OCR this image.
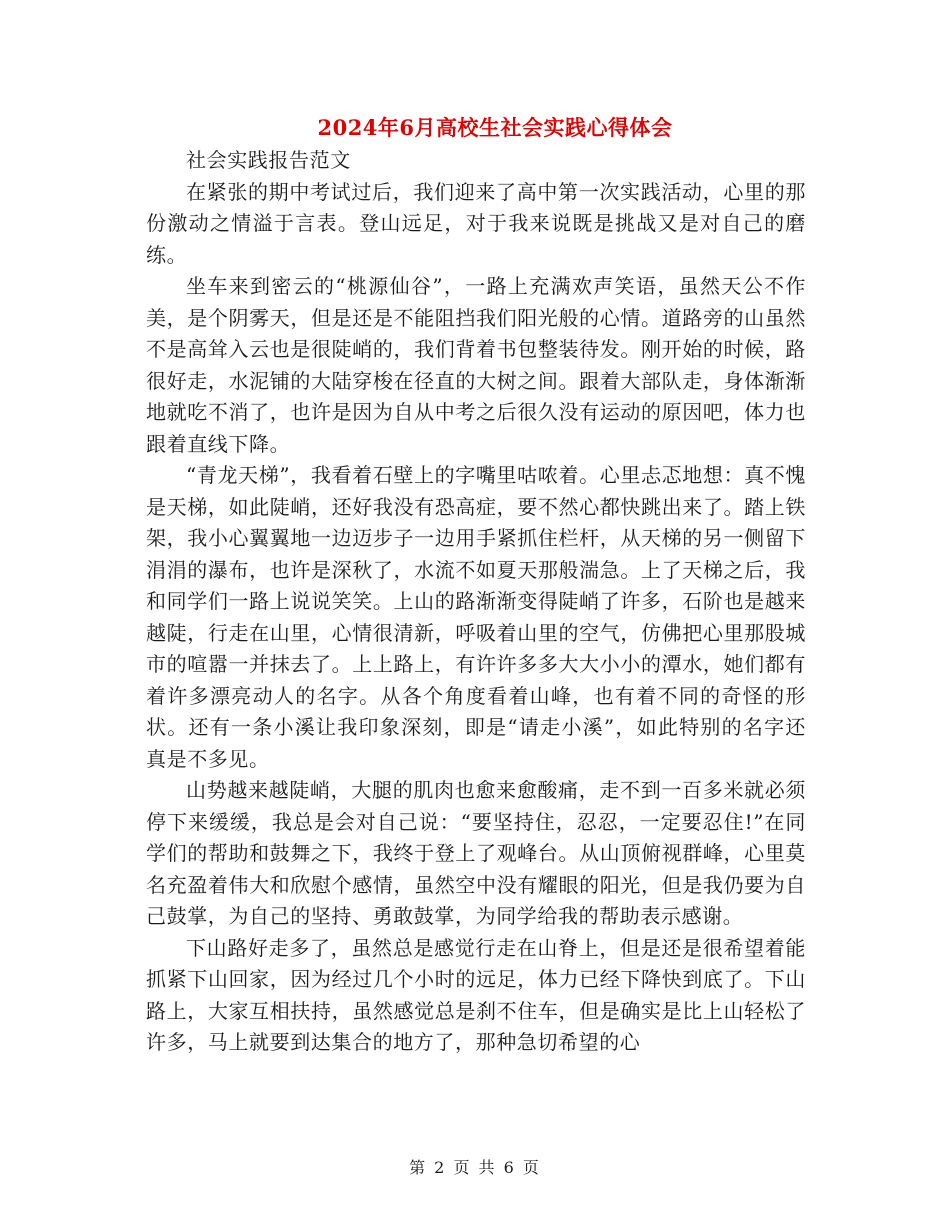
2024年6月高校生社会实践心得体会

社会实践报告范文

在紧张的期中考试过后，我们迎来了高中第一次实践活动，心里的那份激动之情溢于言表。登山远足，对于我来说既是挑战又是对自己的磨练。

坐车来到密云的“桃源仙谷”，一路上充满欢声笑语，虽然天公不作美，是个阴雾天，但是还是不能阻挡我们阳光般的心情。道路旁的山虽然不是高耸入云也是很陡峭的，我们背着书包整装待发。刚开始的时候，路很好走，水泥铺的大陆穿梭在径直的大树之间。跟着大部队走，身体渐渐地就吃不消了，也许是因为自从中考之后很久没有运动的原因吧，体力也跟着直线下降。

“青龙天梯”，我看着石壁上的字嘴里咕哝着。心里忐忑地想：真不愧是天梯，如此陡峭，还好我没有恐高症，要不然心都快跳出来了。踏上铁架，我小心翼翼地一边迈步子一边用手紧抓住栏杆，从天梯的另一侧留下涓涓的瀑布，也许是深秋了，水流不如夏天那般湍急。上了天梯之后，我和同学们一路上说说笑笑。上山的路渐渐变得陡峭了许多，石阶也是越来越陡，行走在山里，心情很清新，呼吸着山里的空气，仿佛把心里那股城市的喧嚣一并抹去了。上上路上，有许许多多大大小小的潭水，她们都有着许多漂亮动人的名字。从各个角度看着山峰，也有着不同的奇怪的形状。还有一条小溪让我印象深刻，即是“请走小溪”，如此特别的名字还真是不多见。

山势越来越陡峭，大腿的肌肉也愈来愈酸痛，走不到一百多米就必须停下来缓缓，我总是会对自己说：“要坚持住，忍忍，一定要忍住!”在同学们的帮助和鼓舞之下，我终于登上了观峰台。从山顶俯视群峰，心里莫名充盈着伟大和欣慰个感情，虽然空中没有耀眼的阳光，但是我仍要为自己鼓掌，为自己的坚持、勇敢鼓掌，为同学给我的帮助表示感谢。

下山路好走多了，虽然总是感觉行走在山脊上，但是还是很希望着能抓紧下山回家，因为经过几个小时的远足，体力已经下降快到底了。下山路上，大家互相扶持，虽然感觉总是刹不住车，但是确实是比上山轻松了许多，马上就要到达集合的地方了，那种急切希望的心

第 2 页 共 6 页
